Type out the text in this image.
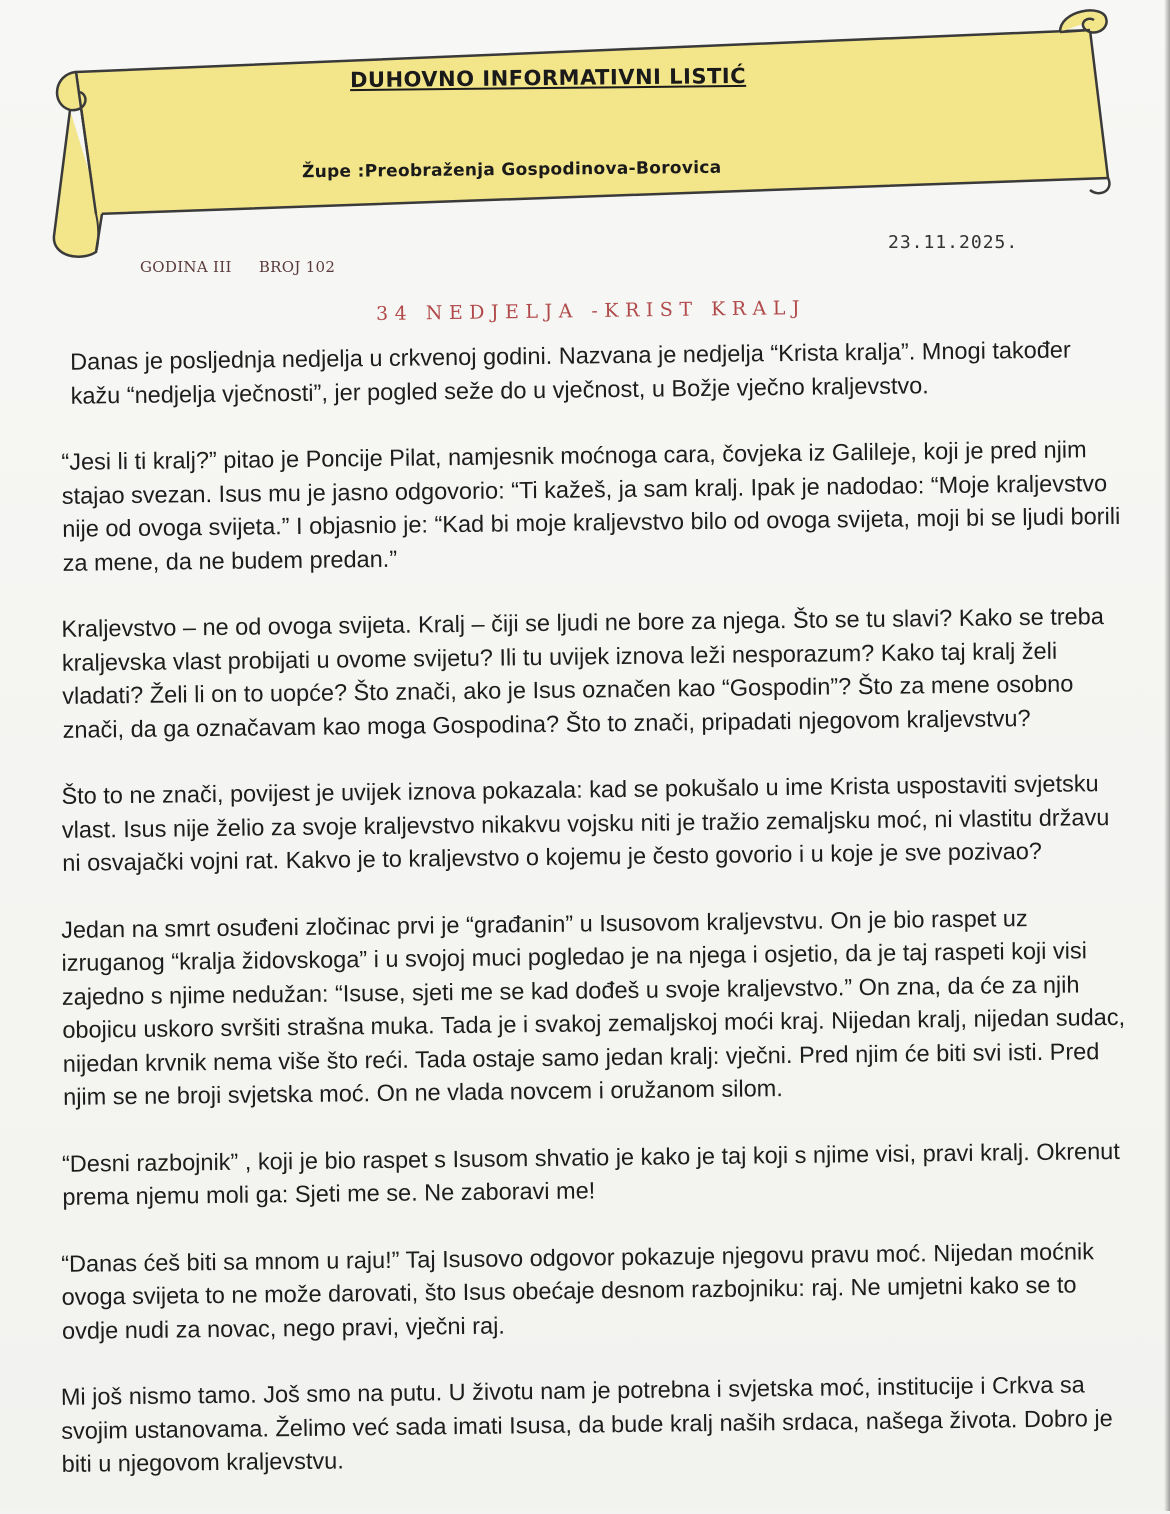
DUHOVNO INFORMATIVNI LISTIĆ
Župe :Preobraženja Gospodinova-Borovica
GODINA III BROJ 102
23.11.2025.
34 NEDJELJA -KRIST KRALJ

Danas je posljednja nedjelja u crkvenoj godini. Nazvana je nedjelja “Krista kralja”. Mnogi također kažu “nedjelja vječnosti”, jer pogled seže do u vječnost, u Božje vječno kraljevstvo.

“Jesi li ti kralj?” pitao je Poncije Pilat, namjesnik moćnoga cara, čovjeka iz Galileje, koji je pred njim stajao svezan. Isus mu je jasno odgovorio: “Ti kažeš, ja sam kralj. Ipak je nadodao: “Moje kraljevstvo nije od ovoga svijeta.” I objasnio je: “Kad bi moje kraljevstvo bilo od ovoga svijeta, moji bi se ljudi borili za mene, da ne budem predan.”

Kraljevstvo – ne od ovoga svijeta. Kralj – čiji se ljudi ne bore za njega. Što se tu slavi? Kako se treba kraljevska vlast probijati u ovome svijetu? Ili tu uvijek iznova leži nesporazum? Kako taj kralj želi vladati? Želi li on to uopće? Što znači, ako je Isus označen kao “Gospodin”? Što za mene osobno znači, da ga označavam kao moga Gospodina? Što to znači, pripadati njegovom kraljevstvu?

Što to ne znači, povijest je uvijek iznova pokazala: kad se pokušalo u ime Krista uspostaviti svjetsku vlast. Isus nije želio za svoje kraljevstvo nikakvu vojsku niti je tražio zemaljsku moć, ni vlastitu državu ni osvajački vojni rat. Kakvo je to kraljevstvo o kojemu je često govorio i u koje je sve pozivao?

Jedan na smrt osuđeni zločinac prvi je “građanin” u Isusovom kraljevstvu. On je bio raspet uz izruganog “kralja židovskoga” i u svojoj muci pogledao je na njega i osjetio, da je taj raspeti koji visi zajedno s njime nedužan: “Isuse, sjeti me se kad dođeš u svoje kraljevstvo.” On zna, da će za njih obojicu uskoro svršiti strašna muka. Tada je i svakoj zemaljskoj moći kraj. Nijedan kralj, nijedan sudac, nijedan krvnik nema više što reći. Tada ostaje samo jedan kralj: vječni. Pred njim će biti svi isti. Pred njim se ne broji svjetska moć. On ne vlada novcem i oružanom silom.

“Desni razbojnik” , koji je bio raspet s Isusom shvatio je kako je taj koji s njime visi, pravi kralj. Okrenut prema njemu moli ga: Sjeti me se. Ne zaboravi me!

“Danas ćeš biti sa mnom u raju!” Taj Isusovo odgovor pokazuje njegovu pravu moć. Nijedan moćnik ovoga svijeta to ne može darovati, što Isus obećaje desnom razbojniku: raj. Ne umjetni kako se to ovdje nudi za novac, nego pravi, vječni raj.

Mi još nismo tamo. Još smo na putu. U životu nam je potrebna i svjetska moć, institucije i Crkva sa svojim ustanovama. Želimo već sada imati Isusa, da bude kralj naših srdaca, našega života. Dobro je biti u njegovom kraljevstvu.
